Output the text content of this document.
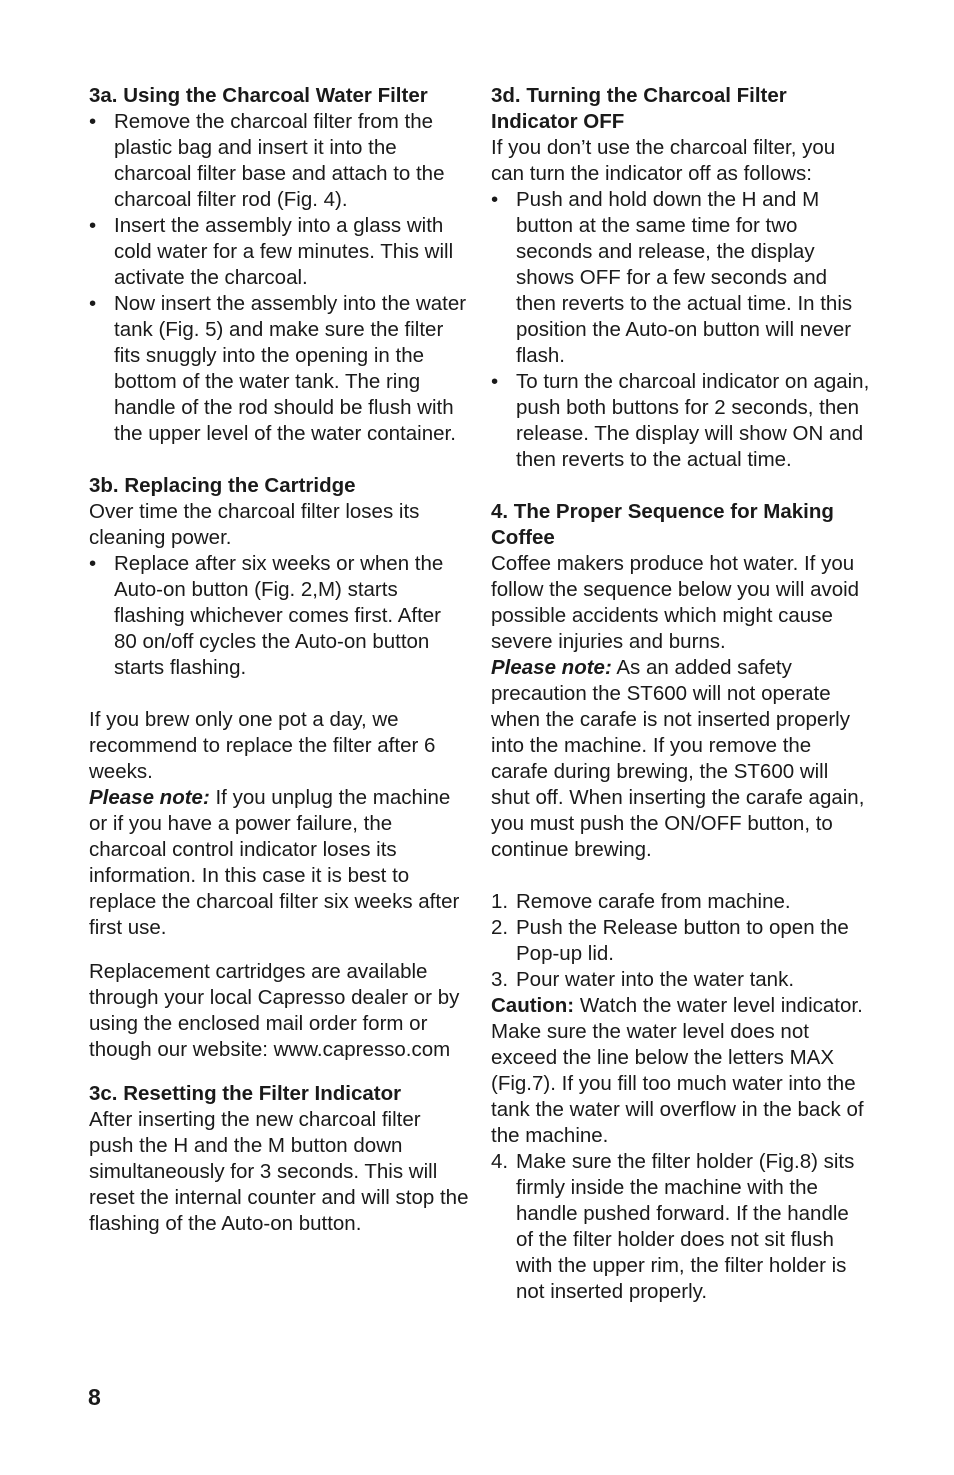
3a. Using the Charcoal Water Filter

• Remove the charcoal filter from the plastic bag and insert it into the charcoal filter base and attach to the charcoal filter rod (Fig. 4).
• Insert the assembly into a glass with cold water for a few minutes. This will activate the charcoal.
• Now insert the assembly into the water tank (Fig. 5) and make sure the filter fits snuggly into the opening in the bottom of the water tank. The ring handle of the rod should be flush with the upper level of the water container.

3b. Replacing the Cartridge

Over time the charcoal filter loses its cleaning power.

• Replace after six weeks or when the Auto-on button (Fig. 2,M) starts flashing whichever comes first. After 80 on/off cycles the Auto-on button starts flashing.

If you brew only one pot a day, we recommend to replace the filter after 6 weeks.

Please note: If you unplug the machine or if you have a power failure, the charcoal control indicator loses its information. In this case it is best to replace the charcoal filter six weeks after first use.

Replacement cartridges are available through your local Capresso dealer or by using the enclosed mail order form or though our website: www.capresso.com

3c. Resetting the Filter Indicator

After inserting the new charcoal filter push the H and the M button down simultaneously for 3 seconds. This will reset the internal counter and will stop the flashing of the Auto-on button.

3d. Turning the Charcoal Filter Indicator OFF

If you don’t use the charcoal filter, you can turn the indicator off as follows:

• Push and hold down the H and M button at the same time for two seconds and release, the display shows OFF for a few seconds and then reverts to the actual time. In this position the Auto-on button will never flash.
• To turn the charcoal indicator on again, push both buttons for 2 seconds, then release. The display will show ON and then reverts to the actual time.

4. The Proper Sequence for Making Coffee

Coffee makers produce hot water. If you follow the sequence below you will avoid possible accidents which might cause severe injuries and burns.

Please note: As an added safety precaution the ST600 will not operate when the carafe is not inserted properly into the machine. If you remove the carafe during brewing, the ST600 will shut off. When inserting the carafe again, you must push the ON/OFF button, to continue brewing.

1. Remove carafe from machine.
2. Push the Release button to open the Pop-up lid.
3. Pour water into the water tank.

Caution: Watch the water level indicator. Make sure the water level does not exceed the line below the letters MAX (Fig.7). If you fill too much water into the tank the water will overflow in the back of the machine.

4. Make sure the filter holder (Fig.8) sits firmly inside the machine with the handle pushed forward. If the handle of the filter holder does not sit flush with the upper rim, the filter holder is not inserted properly.
8
